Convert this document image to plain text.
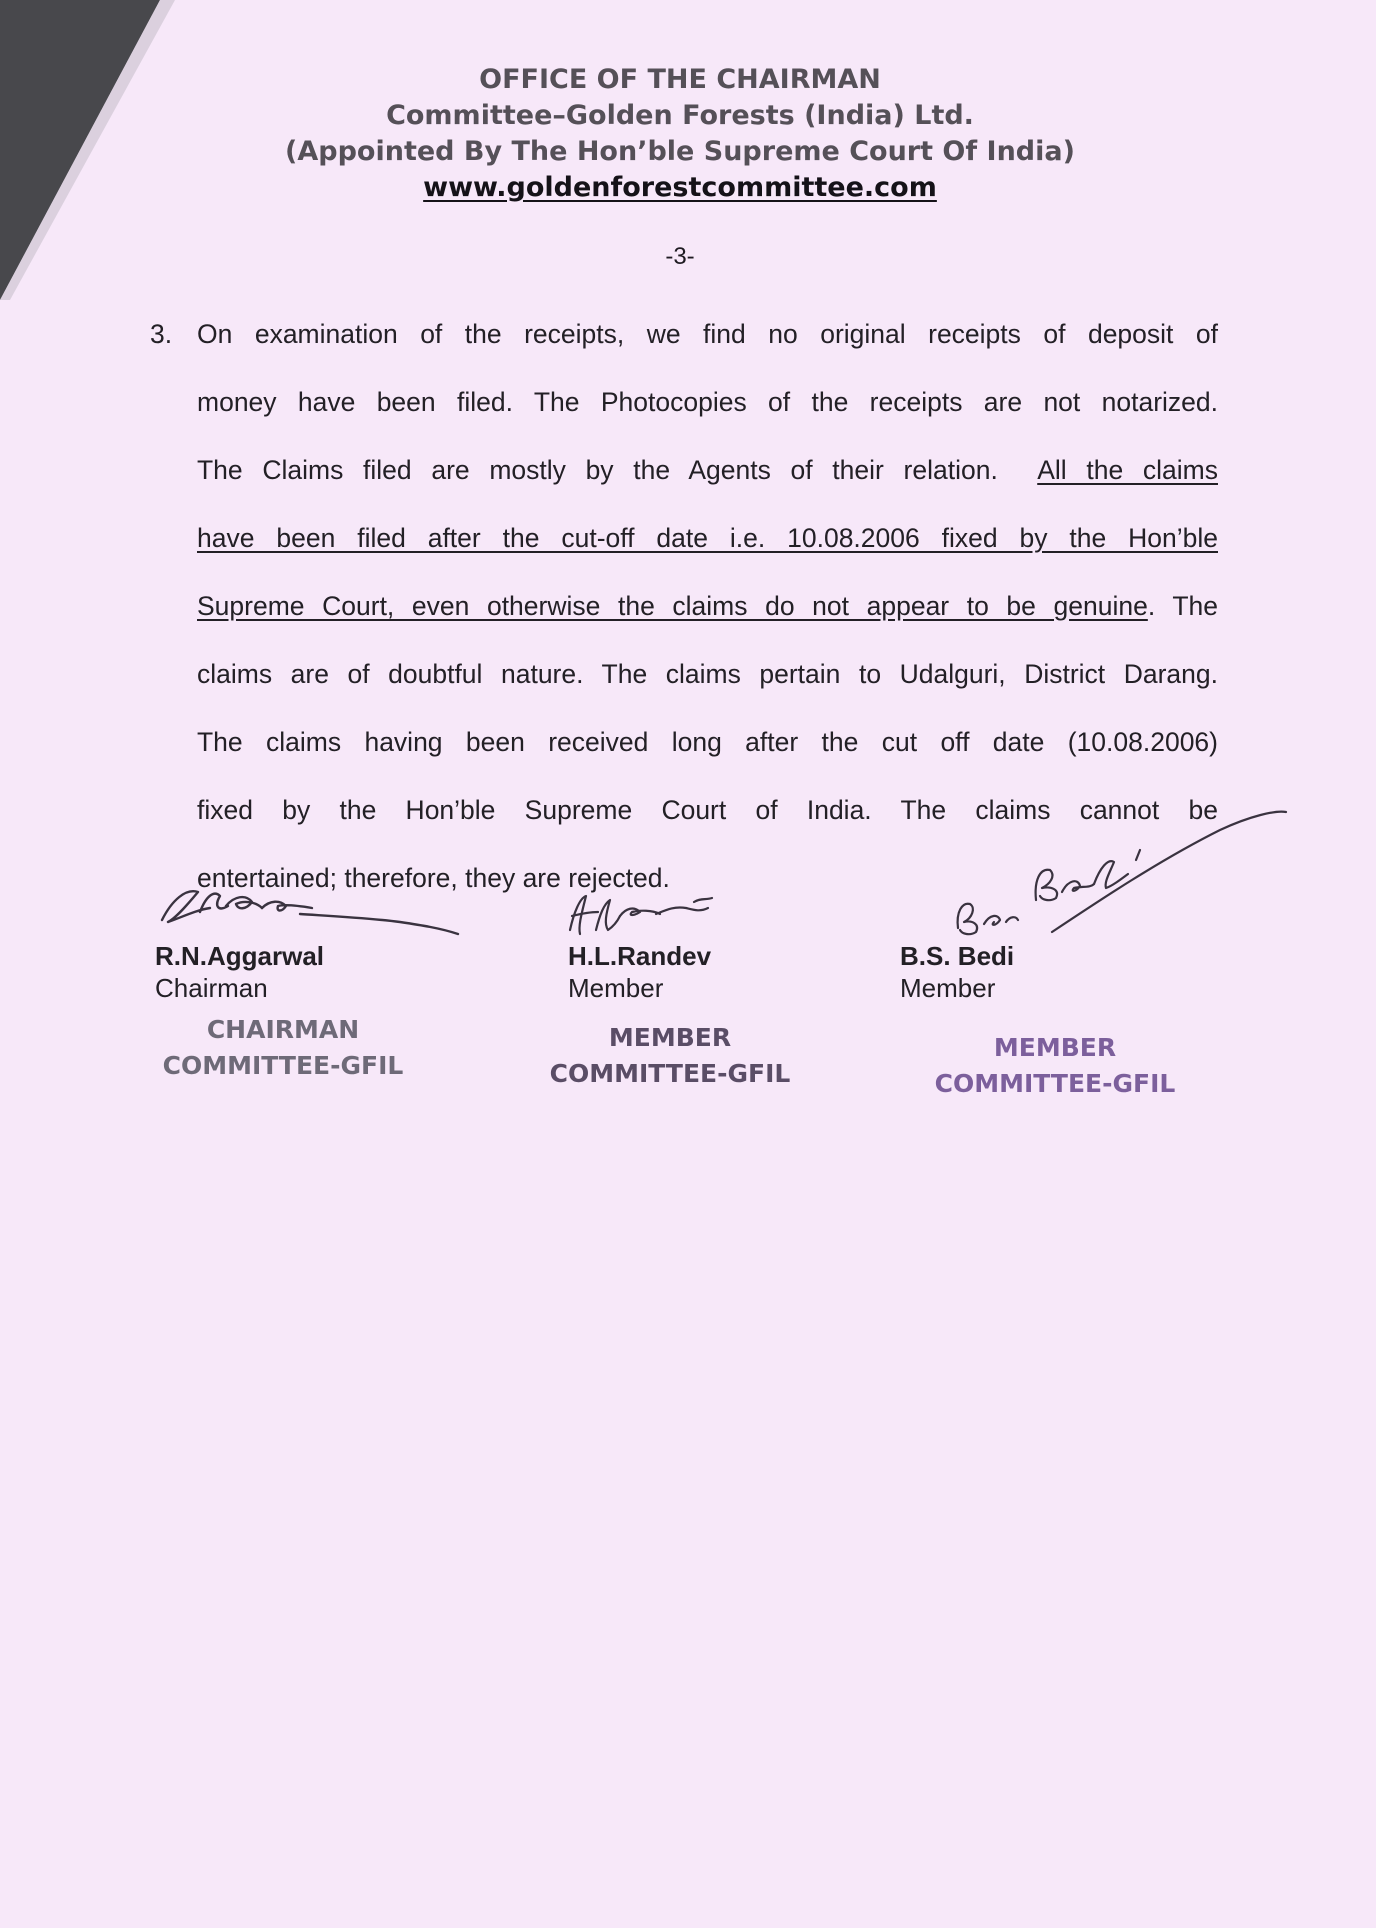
OFFICE OF THE CHAIRMAN
Committee–Golden Forests (India) Ltd.
(Appointed By The Hon’ble Supreme Court Of India)
www.goldenforestcommittee.com
-3-
3. On examination of the receipts, we find no original receipts of deposit of
money have been filed. The Photocopies of the receipts are not notarized.
The Claims filed are mostly by the Agents of their relation. All the claims
have been filed after the cut-off date i.e. 10.08.2006 fixed by the Hon’ble
Supreme Court, even otherwise the claims do not appear to be genuine. The
claims are of doubtful nature. The claims pertain to Udalguri, District Darang.
The claims having been received long after the cut off date (10.08.2006)
fixed by the Hon’ble Supreme Court of India. The claims cannot be
entertained; therefore, they are rejected.
R.N.Aggarwal
Chairman
CHAIRMAN
COMMITTEE-GFIL
H.L.Randev
Member
MEMBER
COMMITTEE-GFIL
B.S. Bedi
Member
MEMBER
COMMITTEE-GFIL
